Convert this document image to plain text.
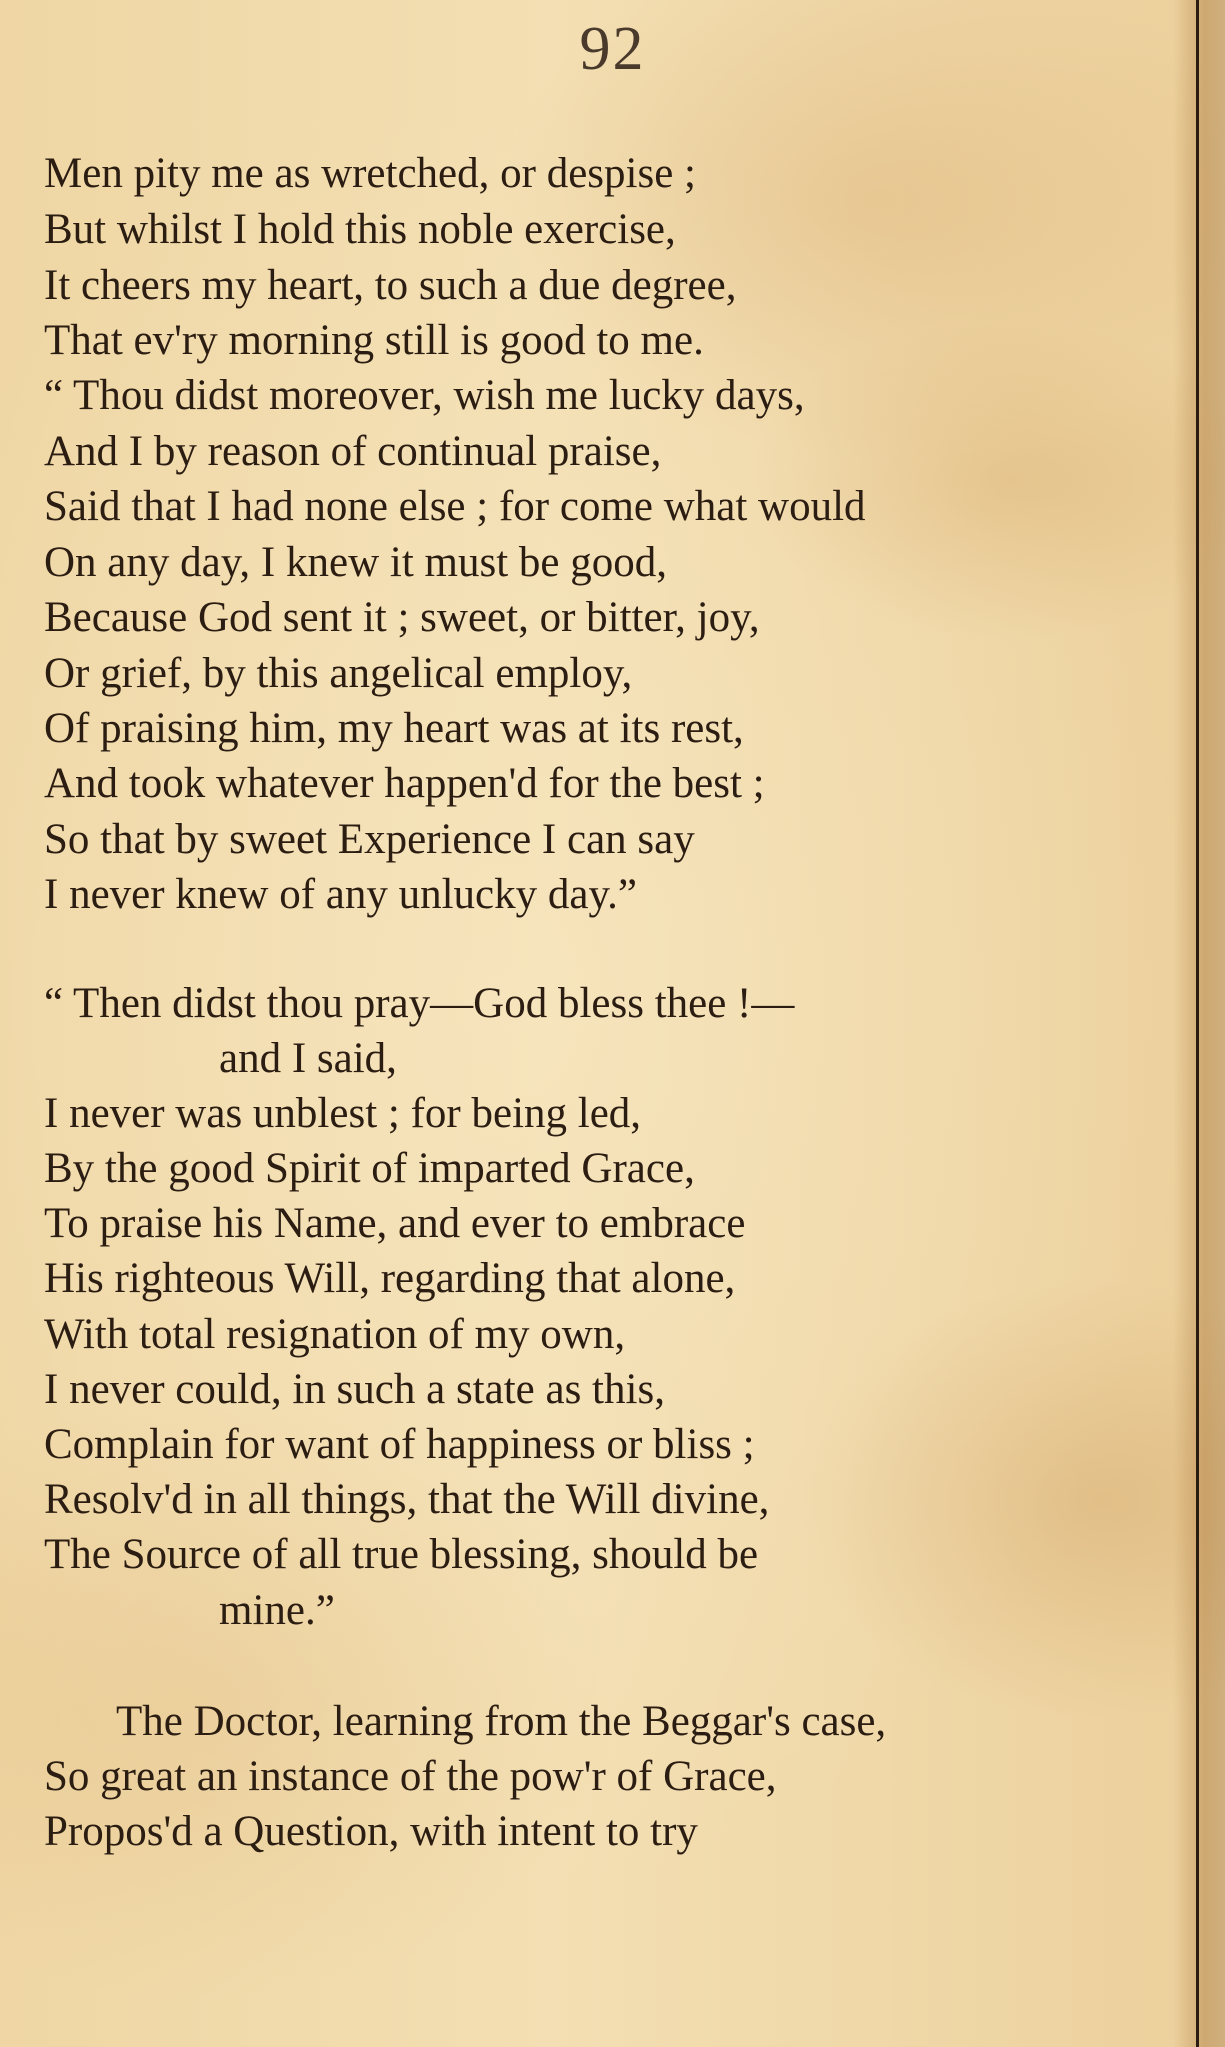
92
Men pity me as wretched, or despise ;
But whilst I hold this noble exercise,
It cheers my heart, to such a due degree,
That ev'ry morning still is good to me.
“ Thou didst moreover, wish me lucky days,
And I by reason of continual praise,
Said that I had none else ; for come what would
On any day, I knew it must be good,
Because God sent it ; sweet, or bitter, joy,
Or grief, by this angelical employ,
Of praising him, my heart was at its rest,
And took whatever happen'd for the best ;
So that by sweet Experience I can say
I never knew of any unlucky day.”
“ Then didst thou pray—God bless thee !—
and I said,
I never was unblest ; for being led,
By the good Spirit of imparted Grace,
To praise his Name, and ever to embrace
His righteous Will, regarding that alone,
With total resignation of my own,
I never could, in such a state as this,
Complain for want of happiness or bliss ;
Resolv'd in all things, that the Will divine,
The Source of all true blessing, should be
mine.”
The Doctor, learning from the Beggar's case,
So great an instance of the pow'r of Grace,
Propos'd a Question, with intent to try
